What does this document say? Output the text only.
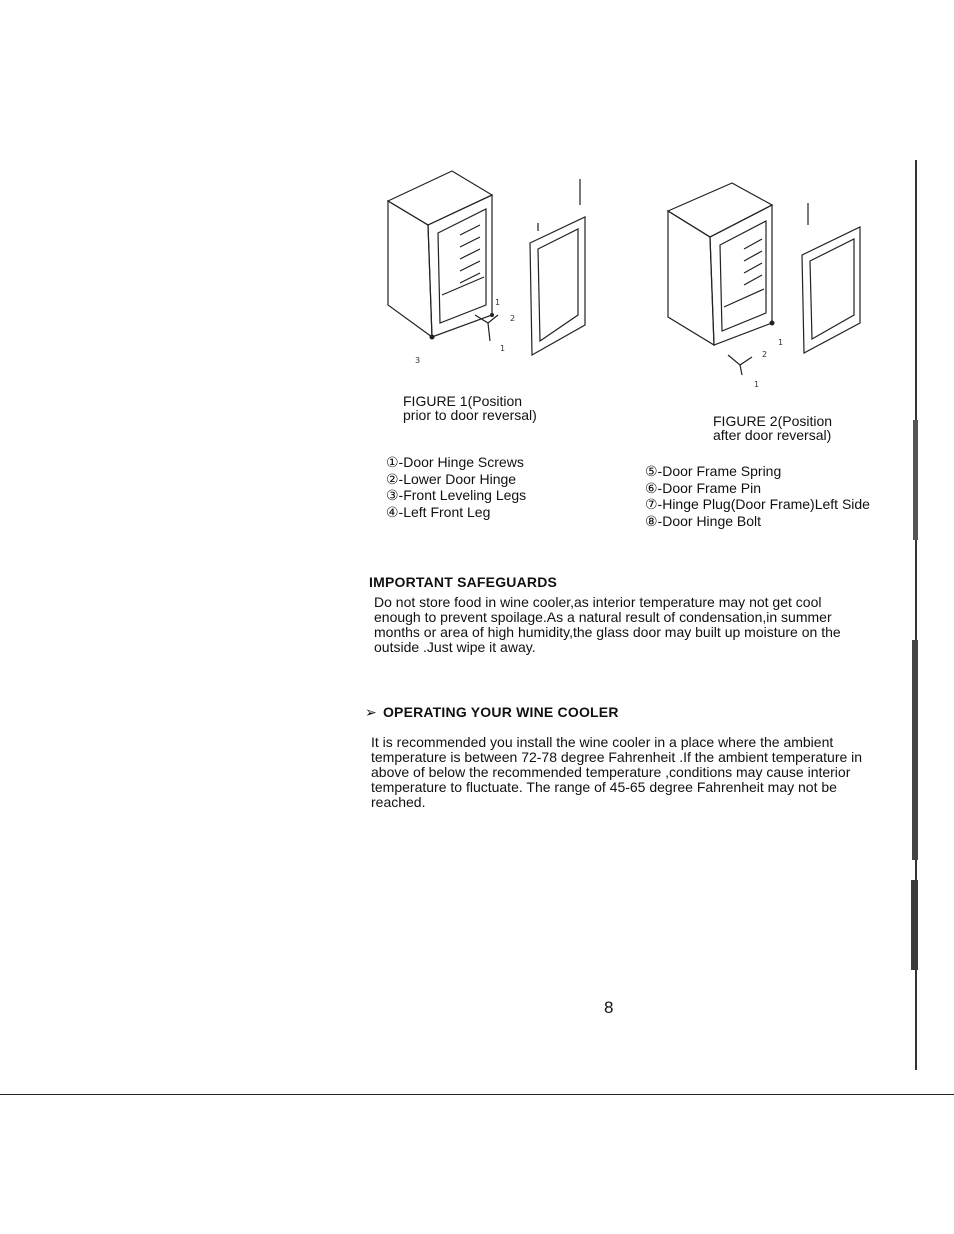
3
1
2
1
FIGURE 1(Position
prior to door reversal)
2
1
1
FIGURE 2(Position
after door reversal)
①-Door Hinge Screws
②-Lower Door Hinge
③-Front Leveling Legs
④-Left Front Leg
⑤-Door Frame Spring
⑥-Door Frame Pin
⑦-Hinge Plug(Door Frame)Left Side
⑧-Door Hinge Bolt
IMPORTANT SAFEGUARDS
Do not store food in wine cooler,as interior temperature may not get cool enough to prevent spoilage.As a natural result of condensation,in summer months or area of high humidity,the glass door may built up moisture on the outside .Just wipe it away.
➢ OPERATING YOUR WINE COOLER
It is recommended you install the wine cooler in a place where the ambient temperature is between 72-78 degree Fahrenheit .If the ambient temperature in above of below the recommended temperature ,conditions may cause interior temperature to fluctuate. The range of 45-65 degree Fahrenheit may not be reached.
8
